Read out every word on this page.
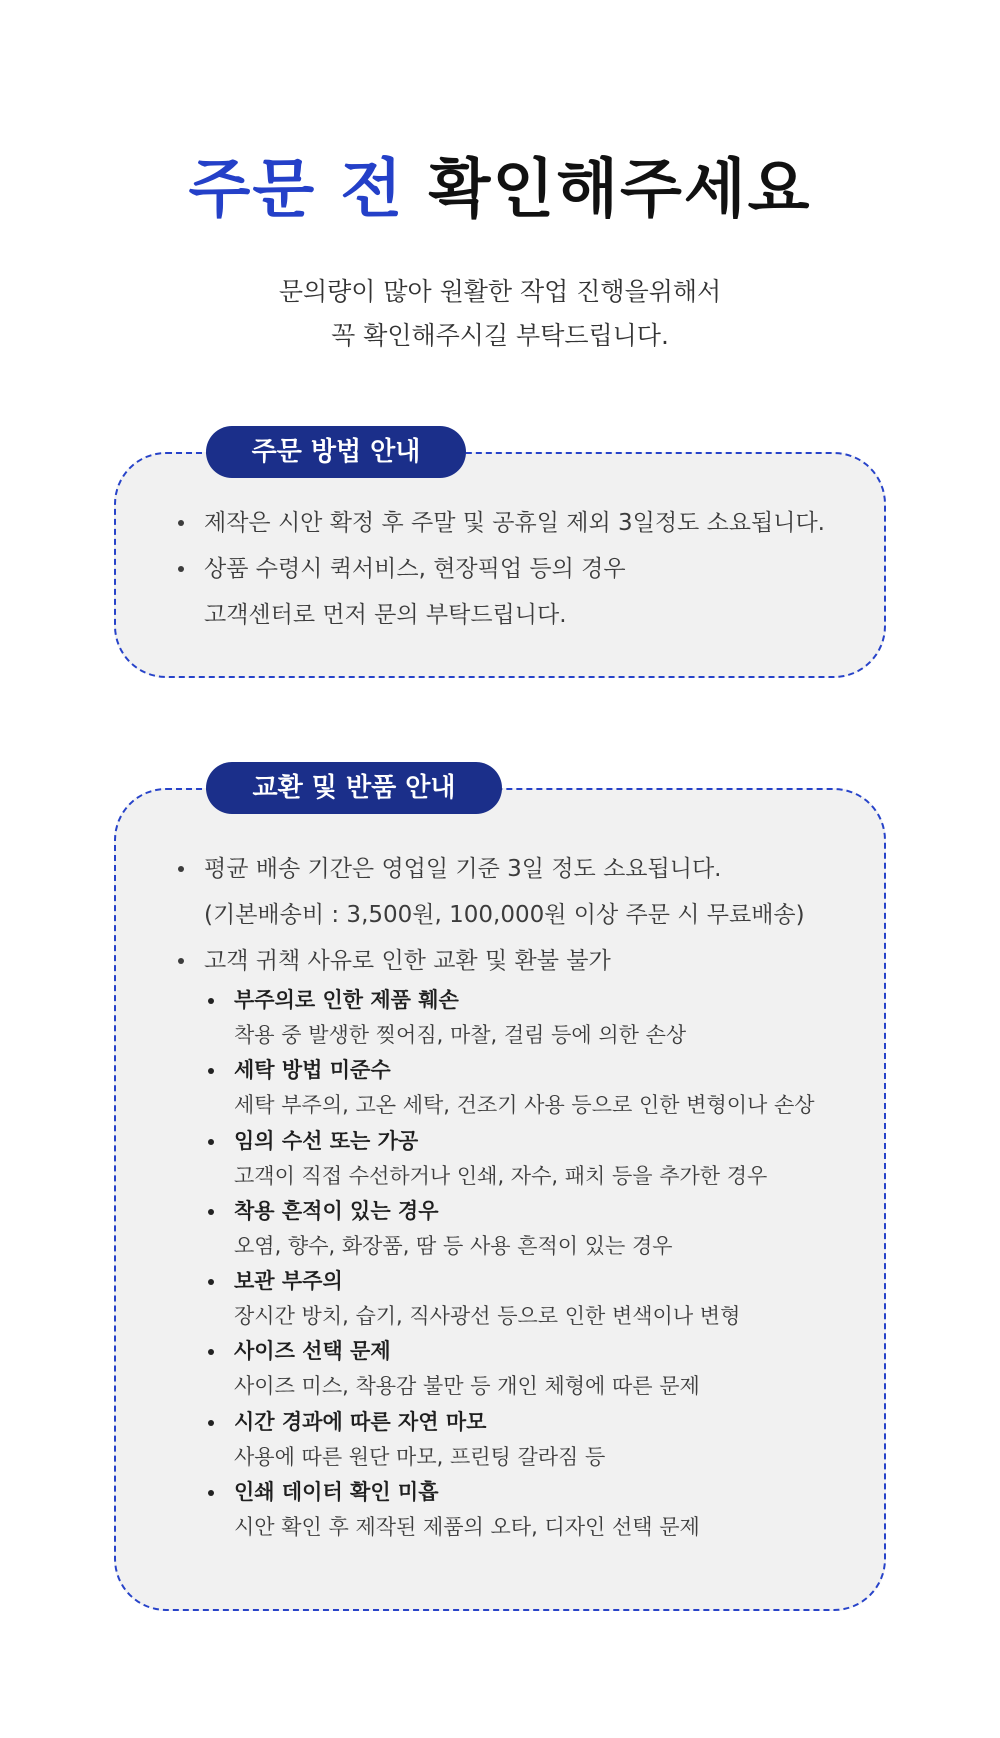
주문 전 확인해주세요
문의량이 많아 원활한 작업 진행을위해서
꼭 확인해주시길 부탁드립니다.
주문 방법 안내
제작은 시안 확정 후 주말 및 공휴일 제외 3일정도 소요됩니다.
상품 수령시 퀵서비스, 현장픽업 등의 경우
고객센터로 먼저 문의 부탁드립니다.
교환 및 반품 안내
평균 배송 기간은 영업일 기준 3일 정도 소요됩니다.
(기본배송비 : 3,500원, 100,000원 이상 주문 시 무료배송)
고객 귀책 사유로 인한 교환 및 환불 불가
부주의로 인한 제품 훼손
착용 중 발생한 찢어짐, 마찰, 걸림 등에 의한 손상
세탁 방법 미준수
세탁 부주의, 고온 세탁, 건조기 사용 등으로 인한 변형이나 손상
임의 수선 또는 가공
고객이 직접 수선하거나 인쇄, 자수, 패치 등을 추가한 경우
착용 흔적이 있는 경우
오염, 향수, 화장품, 땀 등 사용 흔적이 있는 경우
보관 부주의
장시간 방치, 습기, 직사광선 등으로 인한 변색이나 변형
사이즈 선택 문제
사이즈 미스, 착용감 불만 등 개인 체형에 따른 문제
시간 경과에 따른 자연 마모
사용에 따른 원단 마모, 프린팅 갈라짐 등
인쇄 데이터 확인 미흡
시안 확인 후 제작된 제품의 오타, 디자인 선택 문제
